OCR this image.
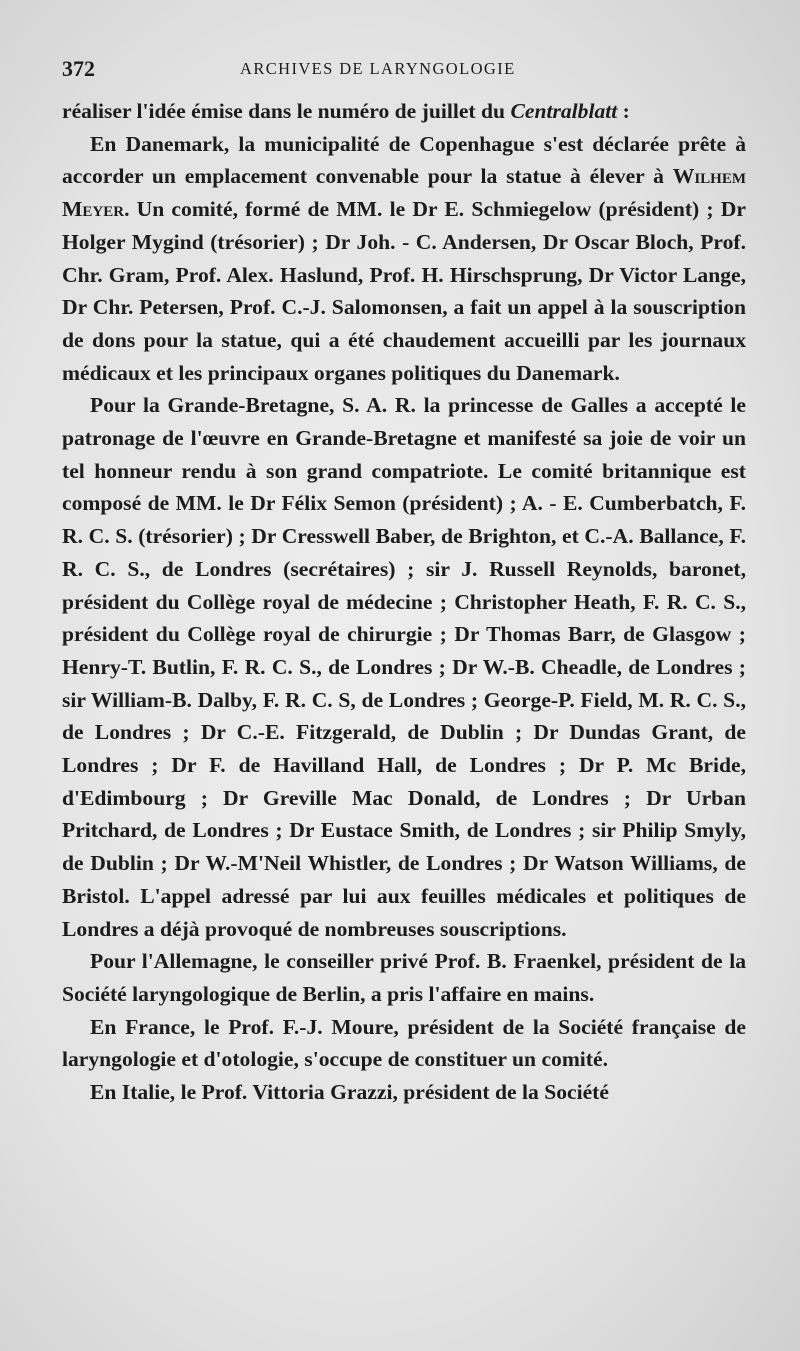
372	ARCHIVES DE LARYNGOLOGIE

réaliser l'idée émise dans le numéro de juillet du Centralblatt :

En Danemark, la municipalité de Copenhague s'est déclarée prête à accorder un emplacement convenable pour la statue à élever à Wilhem Meyer. Un comité, formé de MM. le Dr E. Schmiegelow (président) ; Dr Holger Mygind (trésorier) ; Dr Joh. - C. Andersen, Dr Oscar Bloch, Prof. Chr. Gram, Prof. Alex. Haslund, Prof. H. Hirschsprung, Dr Victor Lange, Dr Chr. Petersen, Prof. C.-J. Salomonsen, a fait un appel à la souscription de dons pour la statue, qui a été chaudement accueilli par les journaux médicaux et les principaux organes politiques du Danemark.

Pour la Grande-Bretagne, S. A. R. la princesse de Galles a accepté le patronage de l'œuvre en Grande-Bretagne et manifesté sa joie de voir un tel honneur rendu à son grand compatriote. Le comité britannique est composé de MM. le Dr Félix Semon (président) ; A. - E. Cumberbatch, F. R. C. S. (trésorier) ; Dr Cresswell Baber, de Brighton, et C.-A. Ballance, F. R. C. S., de Londres (secrétaires) ; sir J. Russell Reynolds, baronet, président du Collège royal de médecine ; Christopher Heath, F. R. C. S., président du Collège royal de chirurgie ; Dr Thomas Barr, de Glasgow ; Henry-T. Butlin, F. R. C. S., de Londres ; Dr W.-B. Cheadle, de Londres ; sir William-B. Dalby, F. R. C. S, de Londres ; George-P. Field, M. R. C. S., de Londres ; Dr C.-E. Fitzgerald, de Dublin ; Dr Dundas Grant, de Londres ; Dr F. de Havilland Hall, de Londres ; Dr P. Mc Bride, d'Edimbourg ; Dr Greville Mac Donald, de Londres ; Dr Urban Pritchard, de Londres ; Dr Eustace Smith, de Londres ; sir Philip Smyly, de Dublin ; Dr W.-M'Neil Whistler, de Londres ; Dr Watson Williams, de Bristol. L'appel adressé par lui aux feuilles médicales et politiques de Londres a déjà provoqué de nombreuses souscriptions.

Pour l'Allemagne, le conseiller privé Prof. B. Fraenkel, président de la Société laryngologique de Berlin, a pris l'affaire en mains.

En France, le Prof. F.-J. Moure, président de la Société française de laryngologie et d'otologie, s'occupe de constituer un comité.

En Italie, le Prof. Vittoria Grazzi, président de la Société
